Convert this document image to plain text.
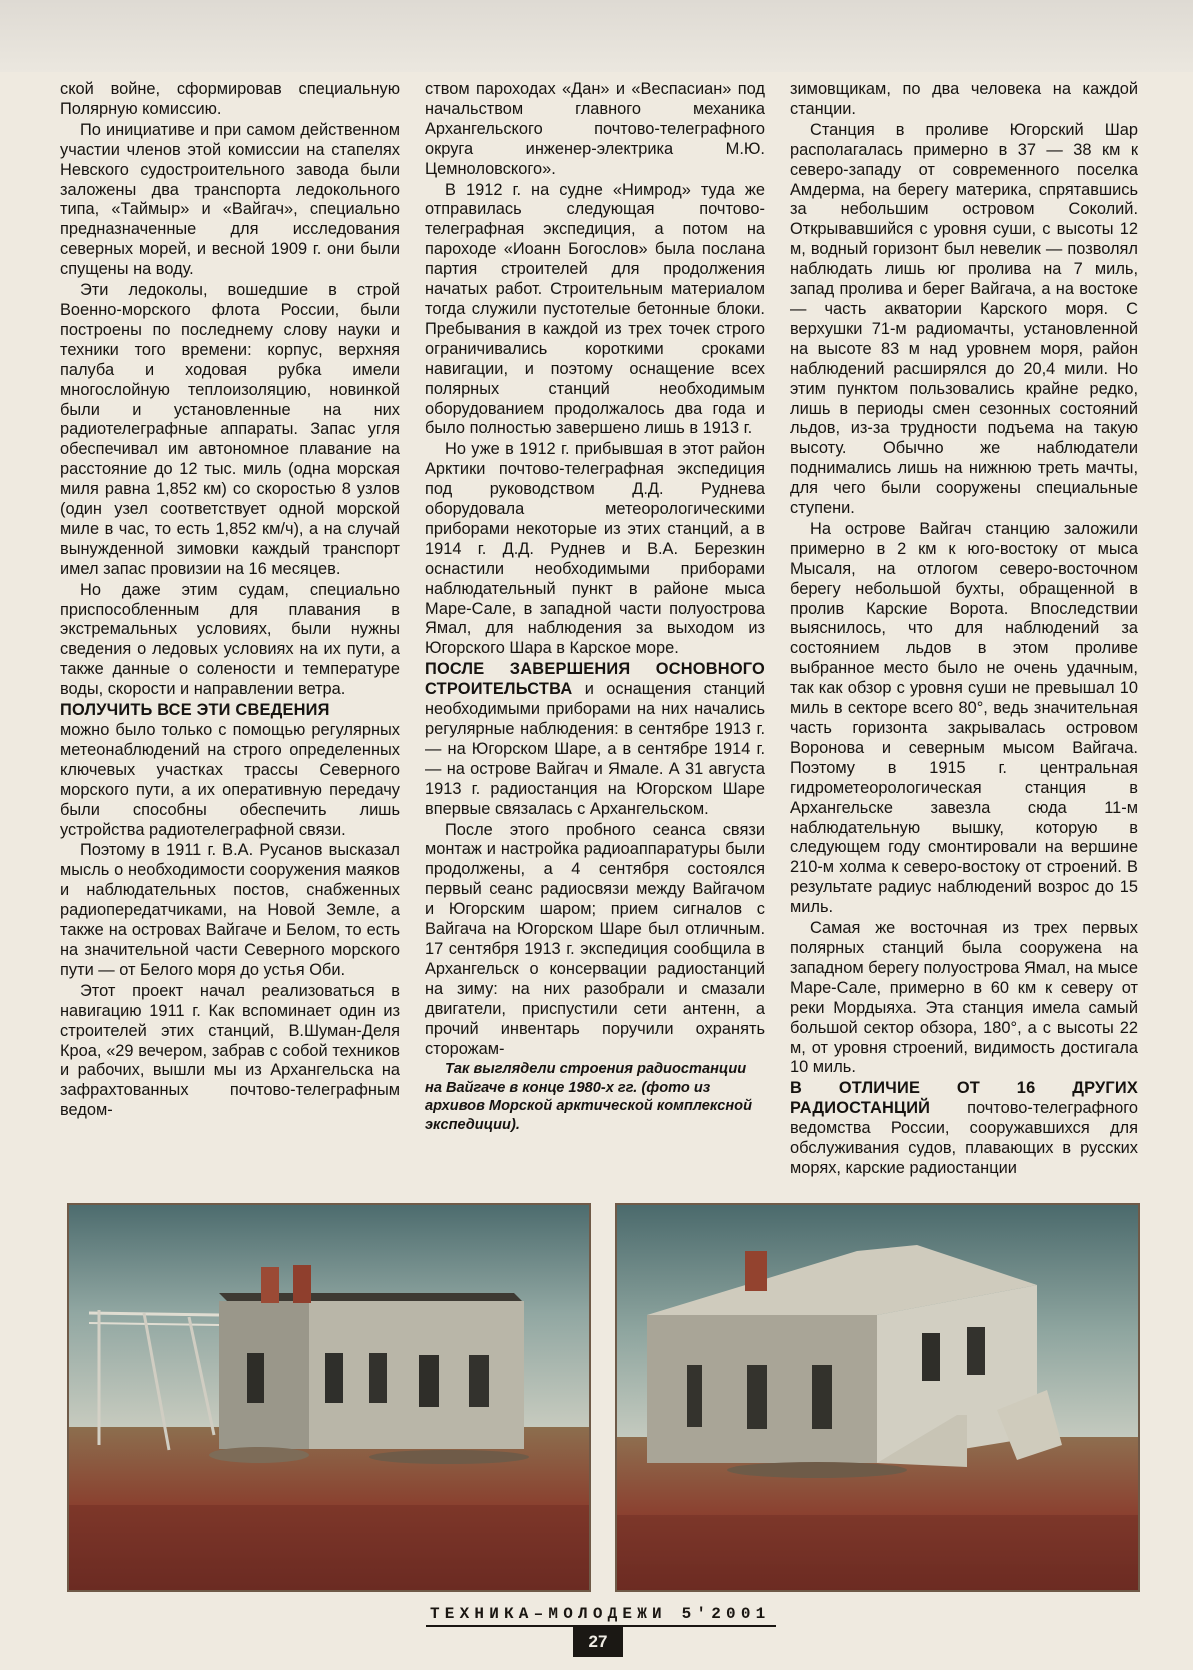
ской войне, сформировав специальную Полярную комиссию.

По инициативе и при самом действенном участии членов этой комиссии на стапелях Невского судостроительного завода были заложены два транспорта ледокольного типа, «Таймыр» и «Вайгач», специально предназначенные для исследования северных морей, и весной 1909 г. они были спущены на воду.

Эти ледоколы, вошедшие в строй Военно-морского флота России, были построены по последнему слову науки и техники того времени: корпус, верхняя палуба и ходовая рубка имели многослойную теплоизоляцию, новинкой были и установленные на них радиотелеграфные аппараты. Запас угля обеспечивал им автономное плавание на расстояние до 12 тыс. миль (одна морская миля равна 1,852 км) со скоростью 8 узлов (один узел соответствует одной морской миле в час, то есть 1,852 км/ч), а на случай вынужденной зимовки каждый транспорт имел запас провизии на 16 месяцев.

Но даже этим судам, специально приспособленным для плавания в экстремальных условиях, были нужны сведения о ледовых условиях на их пути, а также данные о солености и температуре воды, скорости и направлении ветра.

ПОЛУЧИТЬ ВСЕ ЭТИ СВЕДЕНИЯ
можно было только с помощью регулярных метеонаблюдений на строго определенных ключевых участках трассы Северного морского пути, а их оперативную передачу были способны обеспечить лишь устройства радиотелеграфной связи.

Поэтому в 1911 г. В.А. Русанов высказал мысль о необходимости сооружения маяков и наблюдательных постов, снабженных радиопередатчиками, на Новой Земле, а также на островах Вайгаче и Белом, то есть на значительной части Северного морского пути — от Белого моря до устья Оби.

Этот проект начал реализоваться в навигацию 1911 г. Как вспоминает один из строителей этих станций, В.Шуман-Деля Кроа, «29 вечером, забрав с собой техников и рабочих, вышли мы из Архангельска на зафрахтованных почтово-телеграфным ведом-

ством пароходах «Дан» и «Веспасиан» под начальством главного механика Архангельского почтово-телеграфного округа инженер-электрика М.Ю. Цемноловского».

В 1912 г. на судне «Нимрод» туда же отправилась следующая почтово-телеграфная экспедиция, а потом на пароходе «Иоанн Богослов» была послана партия строителей для продолжения начатых работ. Строительным материалом тогда служили пустотелые бетонные блоки. Пребывания в каждой из трех точек строго ограничивались короткими сроками навигации, и поэтому оснащение всех полярных станций необходимым оборудованием продолжалось два года и было полностью завершено лишь в 1913 г.

Но уже в 1912 г. прибывшая в этот район Арктики почтово-телеграфная экспедиция под руководством Д.Д. Руднева оборудовала метеорологическими приборами некоторые из этих станций, а в 1914 г. Д.Д. Руднев и В.А. Березкин оснастили необходимыми приборами наблюдательный пункт в районе мыса Маре-Сале, в западной части полуострова Ямал, для наблюдения за выходом из Югорского Шара в Карское море.

ПОСЛЕ ЗАВЕРШЕНИЯ ОСНОВНОГО СТРОИТЕЛЬСТВА и оснащения станций необходимыми приборами на них начались регулярные наблюдения: в сентябре 1913 г. — на Югорском Шаре, а в сентябре 1914 г. — на острове Вайгач и Ямале. А 31 августа 1913 г. радиостанция на Югорском Шаре впервые связалась с Архангельском.

После этого пробного сеанса связи монтаж и настройка радиоаппаратуры были продолжены, а 4 сентября состоялся первый сеанс радиосвязи между Вайгачом и Югорским шаром; прием сигналов с Вайгача на Югорском Шаре был отличным. 17 сентября 1913 г. экспедиция сообщила в Архангельск о консервации радиостанций на зиму: на них разобрали и смазали двигатели, приспустили сети антенн, а прочий инвентарь поручили охранять сторожам-

Так выглядели строения радиостанции на Вайгаче в конце 1980-х гг. (фото из архивов Морской арктической комплексной экспедиции).

зимовщикам, по два человека на каждой станции.

Станция в проливе Югорский Шар располагалась примерно в 37 — 38 км к северо-западу от современного поселка Амдерма, на берегу материка, спрятавшись за небольшим островом Соколий. Открывавшийся с уровня суши, с высоты 12 м, водный горизонт был невелик — позволял наблюдать лишь юг пролива на 7 миль, запад пролива и берег Вайгача, а на востоке — часть акватории Карского моря. С верхушки 71-м радиомачты, установленной на высоте 83 м над уровнем моря, район наблюдений расширялся до 20,4 мили. Но этим пунктом пользовались крайне редко, лишь в периоды смен сезонных состояний льдов, из-за трудности подъема на такую высоту. Обычно же наблюдатели поднимались лишь на нижнюю треть мачты, для чего были сооружены специальные ступени.

На острове Вайгач станцию заложили примерно в 2 км к юго-востоку от мыса Мысаля, на отлогом северо-восточном берегу небольшой бухты, обращенной в пролив Карские Ворота. Впоследствии выяснилось, что для наблюдений за состоянием льдов в этом проливе выбранное место было не очень удачным, так как обзор с уровня суши не превышал 10 миль в секторе всего 80°, ведь значительная часть горизонта закрывалась островом Воронова и северным мысом Вайгача. Поэтому в 1915 г. центральная гидрометеорологическая станция в Архангельске завезла сюда 11-м наблюдательную вышку, которую в следующем году смонтировали на вершине 210-м холма к северо-востоку от строений. В результате радиус наблюдений возрос до 15 миль.

Самая же восточная из трех первых полярных станций была сооружена на западном берегу полуострова Ямал, на мысе Маре-Сале, примерно в 60 км к северу от реки Мордыяха. Эта станция имела самый большой сектор обзора, 180°, а с высоты 22 м, от уровня строений, видимость достигала 10 миль.

В ОТЛИЧИЕ ОТ 16 ДРУГИХ РАДИОСТАНЦИЙ почтово-телеграфного ведомства России, сооружавшихся для обслуживания судов, плавающих в русских морях, карские радиостанции

ТЕХНИКА–МОЛОДЕЖИ 5'2001
27
